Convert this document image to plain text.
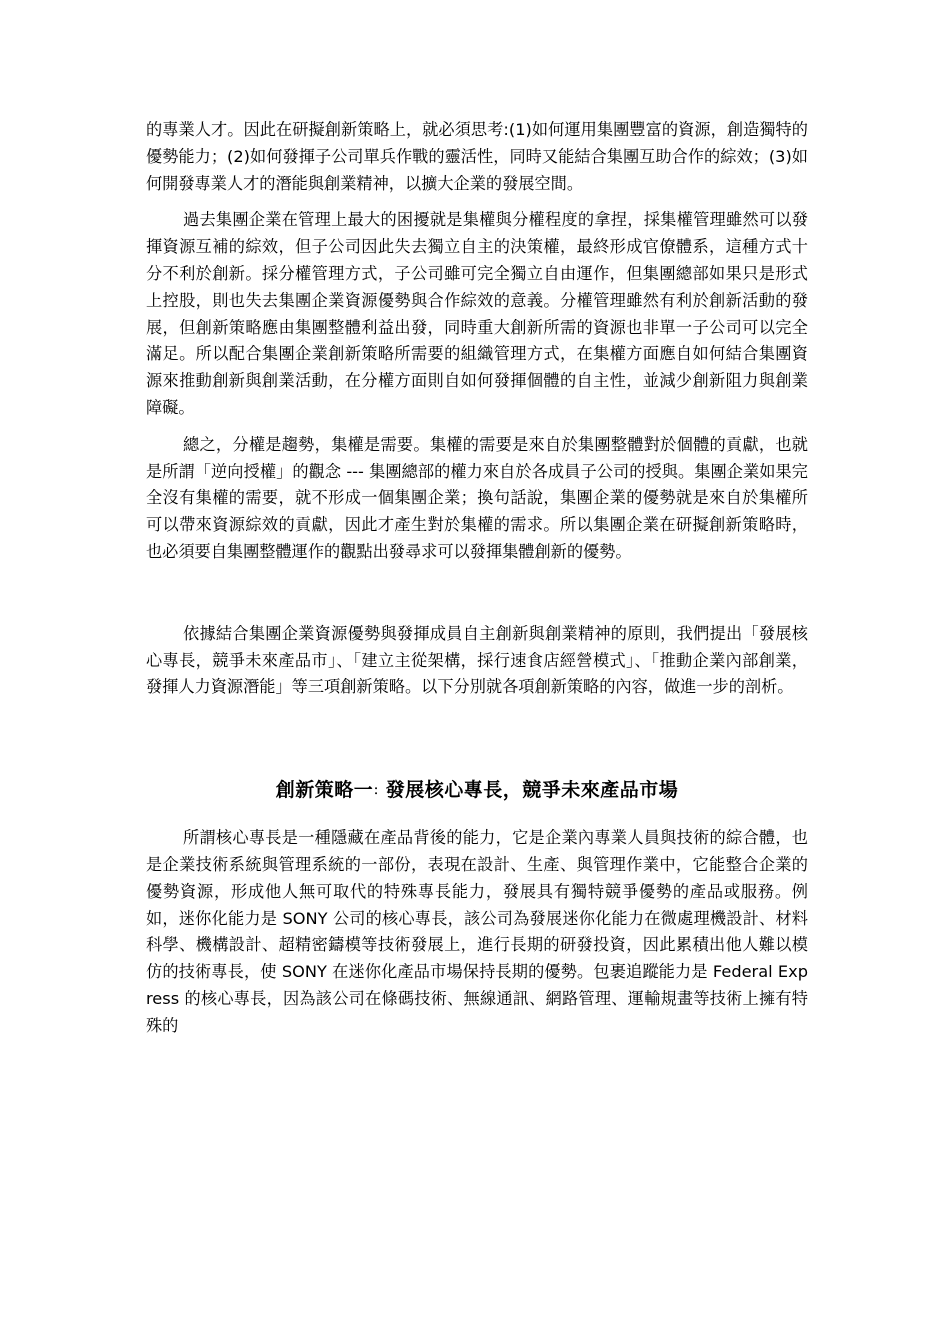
的專業人才。因此在研擬創新策略上，就必須思考:(1)如何運用集團豐富的資源，創造獨特的優勢能力；(2)如何發揮子公司單兵作戰的靈活性，同時又能結合集團互助合作的綜效；(3)如何開發專業人才的潛能與創業精神，以擴大企業的發展空間。

過去集團企業在管理上最大的困擾就是集權與分權程度的拿捏，採集權管理雖然可以發揮資源互補的綜效，但子公司因此失去獨立自主的決策權，最終形成官僚體系，這種方式十分不利於創新。採分權管理方式，子公司雖可完全獨立自由運作，但集團總部如果只是形式上控股，則也失去集團企業資源優勢與合作綜效的意義。分權管理雖然有利於創新活動的發展，但創新策略應由集團整體利益出發，同時重大創新所需的資源也非單一子公司可以完全滿足。所以配合集團企業創新策略所需要的組織管理方式，在集權方面應自如何結合集團資源來推動創新與創業活動，在分權方面則自如何發揮個體的自主性，並減少創新阻力與創業障礙。

總之，分權是趨勢，集權是需要。集權的需要是來自於集團整體對於個體的貢獻，也就是所謂「逆向授權」的觀念 --- 集團總部的權力來自於各成員子公司的授與。集團企業如果完全沒有集權的需要，就不形成一個集團企業；換句話說，集團企業的優勢就是來自於集權所可以帶來資源綜效的貢獻，因此才產生對於集權的需求。所以集團企業在研擬創新策略時，也必須要自集團整體運作的觀點出發尋求可以發揮集體創新的優勢。

依據結合集團企業資源優勢與發揮成員自主創新與創業精神的原則，我們提出「發展核心專長，競爭未來產品市」、「建立主從架構，採行速食店經營模式」、「推動企業內部創業，發揮人力資源潛能」等三項創新策略。以下分別就各項創新策略的內容，做進一步的剖析。

創新策略一：發展核心專長，競爭未來產品市場

所謂核心專長是一種隱藏在產品背後的能力，它是企業內專業人員與技術的綜合體，也是企業技術系統與管理系統的一部份，表現在設計、生產、與管理作業中，它能整合企業的優勢資源，形成他人無可取代的特殊專長能力，發展具有獨特競爭優勢的產品或服務。例如，迷你化能力是 SONY 公司的核心專長，該公司為發展迷你化能力在微處理機設計、材料科學、機構設計、超精密鑄模等技術發展上，進行長期的研發投資，因此累積出他人難以模仿的技術專長，使 SONY 在迷你化產品市場保持長期的優勢。包裹追蹤能力是 Federal Express 的核心專長，因為該公司在條碼技術、無線通訊、網路管理、運輸規畫等技術上擁有特殊的
